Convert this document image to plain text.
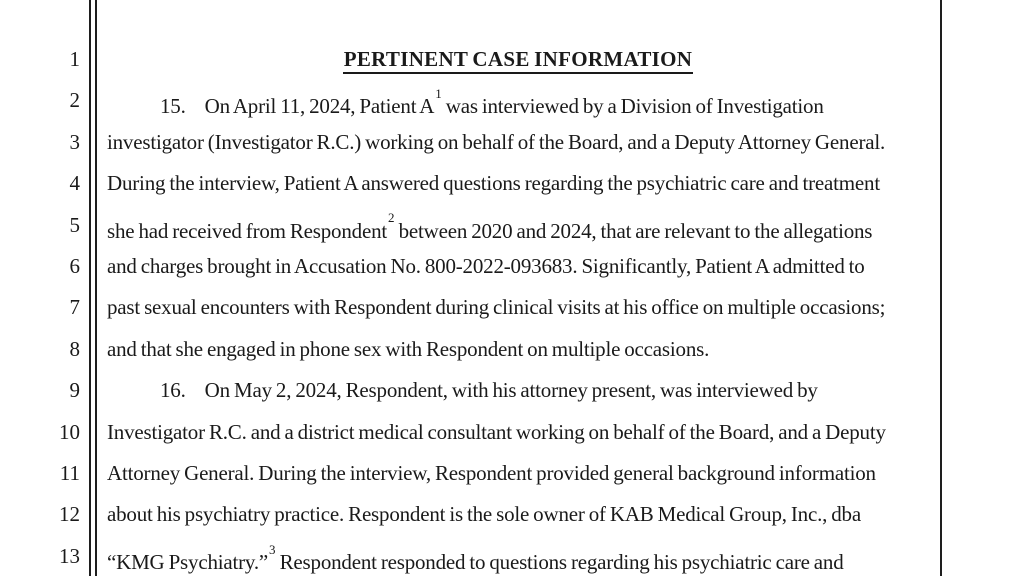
1
2
3
4
5
6
7
8
9
10
11
12
13
PERTINENT CASE INFORMATION
15. On April 11, 2024, Patient A$^1$ was interviewed by a Division of Investigation
investigator (Investigator R.C.) working on behalf of the Board, and a Deputy Attorney General.
During the interview, Patient A answered questions regarding the psychiatric care and treatment
she had received from Respondent$^2$ between 2020 and 2024, that are relevant to the allegations
and charges brought in Accusation No. 800-2022-093683. Significantly, Patient A admitted to
past sexual encounters with Respondent during clinical visits at his office on multiple occasions;
and that she engaged in phone sex with Respondent on multiple occasions.
16. On May 2, 2024, Respondent, with his attorney present, was interviewed by
Investigator R.C. and a district medical consultant working on behalf of the Board, and a Deputy
Attorney General. During the interview, Respondent provided general background information
about his psychiatry practice. Respondent is the sole owner of KAB Medical Group, Inc., dba
“KMG Psychiatry.”$^3$ Respondent responded to questions regarding his psychiatric care and
